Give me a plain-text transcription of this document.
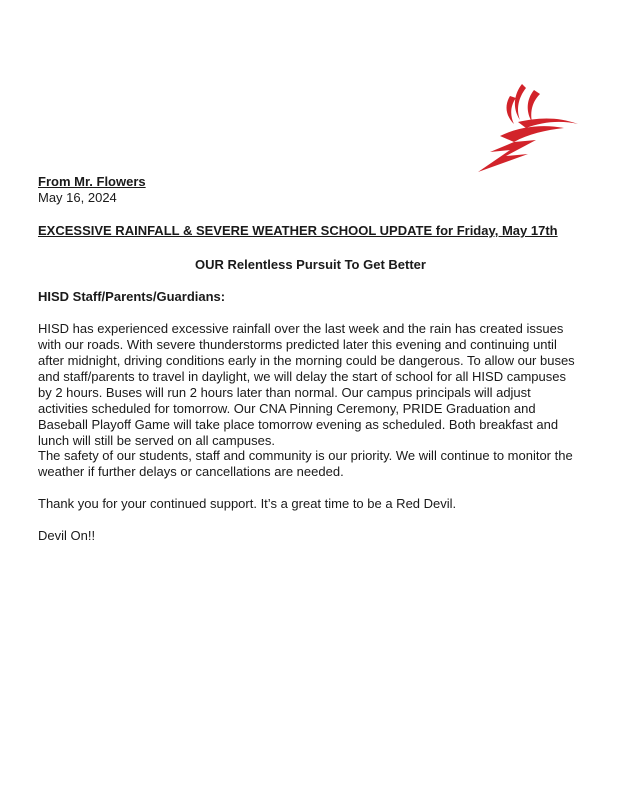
From Mr. Flowers
May 16, 2024
EXCESSIVE RAINFALL & SEVERE WEATHER SCHOOL UPDATE for Friday, May 17th
OUR Relentless Pursuit To Get Better
HISD Staff/Parents/Guardians:
HISD has experienced excessive rainfall over the last week and the rain has created issues with our roads. With severe thunderstorms predicted later this evening and continuing until after midnight, driving conditions early in the morning could be dangerous. To allow our buses and staff/parents to travel in daylight, we will delay the start of school for all HISD campuses by 2 hours. Buses will run 2 hours later than normal. Our campus principals will adjust activities scheduled for tomorrow. Our CNA Pinning Ceremony, PRIDE Graduation and Baseball Playoff Game will take place tomorrow evening as scheduled. Both breakfast and lunch will still be served on all campuses.
The safety of our students, staff and community is our priority. We will continue to monitor the weather if further delays or cancellations are needed.
Thank you for your continued support. It’s a great time to be a Red Devil.
Devil On!!
